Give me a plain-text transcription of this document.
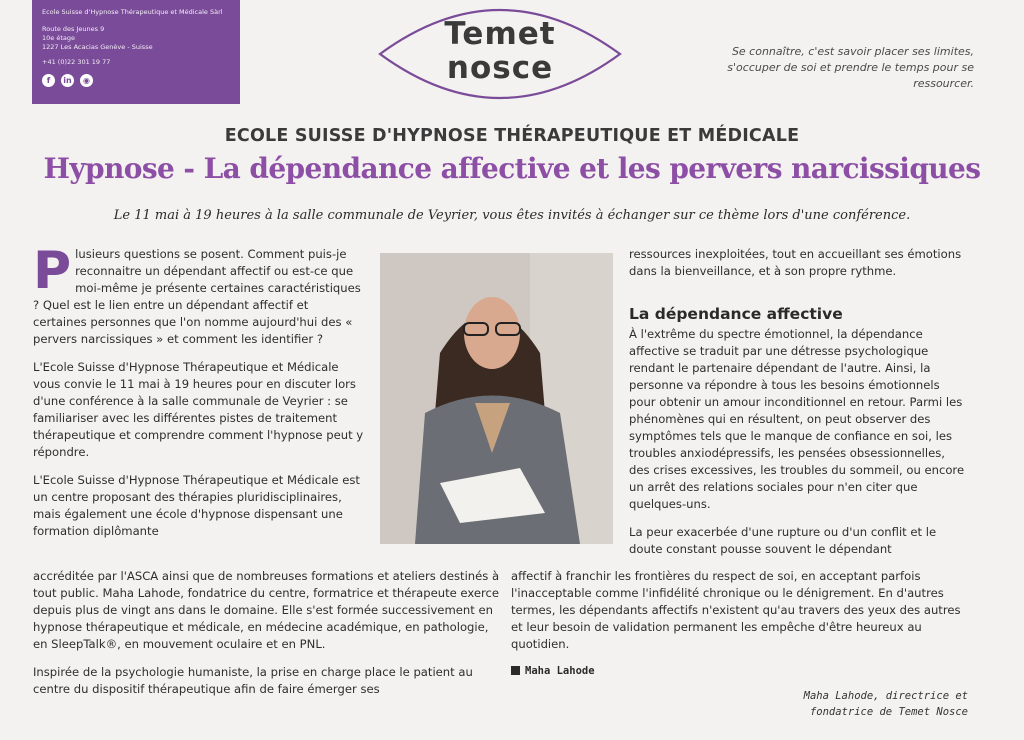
Ecole Suisse d'Hypnose Thérapeutique et Médicale Sàrl
Route des Jeunes 9
10e étage
1227 Les Acacias Genève - Suisse
+41 (0)22 301 19 77
f	in	◉
Temet
nosce	Se connaître, c'est savoir placer ses limites, s'occuper de soi et prendre le temps pour se ressourcer.
ECOLE SUISSE D'HYPNOSE THÉRAPEUTIQUE ET MÉDICALE
Hypnose - La dépendance affective et les pervers narcissiques
Le 11 mai à 19 heures à la salle communale de Veyrier, vous êtes invités à échanger sur ce thème lors d'une conférence.

Plusieurs questions se posent. Comment puis-je reconnaitre un dépendant affectif ou est-ce que moi-même je présente certaines caractéristiques ? Quel est le lien entre un dépendant affectif et certaines personnes que l'on nomme aujourd'hui des « pervers narcissiques » et comment les identifier ?

L'Ecole Suisse d'Hypnose Thérapeutique et Médicale vous convie le 11 mai à 19 heures pour en discuter lors d'une conférence à la salle communale de Veyrier : se familiariser avec les différentes pistes de traitement thérapeutique et comprendre comment l'hypnose peut y répondre.

L'Ecole Suisse d'Hypnose Thérapeutique et Médicale est un centre proposant des thérapies pluridisciplinaires, mais également une école d'hypnose dispensant une formation diplômante

accréditée par l'ASCA ainsi que de nombreuses formations et ateliers destinés à tout public. Maha Lahode, fondatrice du centre, formatrice et thérapeute exerce depuis plus de vingt ans dans le domaine. Elle s'est formée successivement en hypnose thérapeutique et médicale, en médecine académique, en pathologie, en SleepTalk®, en mouvement oculaire et en PNL.

Inspirée de la psychologie humaniste, la prise en charge place le patient au centre du dispositif thérapeutique afin de faire émerger ses

ressources inexploitées, tout en accueillant ses émotions dans la bienveillance, et à son propre rythme.

La dépendance affective

À l'extrême du spectre émotionnel, la dépendance affective se traduit par une détresse psychologique rendant le partenaire dépendant de l'autre. Ainsi, la personne va répondre à tous les besoins émotionnels pour obtenir un amour inconditionnel en retour. Parmi les phénomènes qui en résultent, on peut observer des symptômes tels que le manque de confiance en soi, les troubles anxiodépressifs, les pensées obsessionnelles, des crises excessives, les troubles du sommeil, ou encore un arrêt des relations sociales pour n'en citer que quelques-uns.

La peur exacerbée d'une rupture ou d'un conflit et le doute constant pousse souvent le dépendant

affectif à franchir les frontières du respect de soi, en acceptant parfois l'inacceptable comme l'infidélité chronique ou le dénigrement. En d'autres termes, les dépendants affectifs n'existent qu'au travers des yeux des autres et leur besoin de validation permanent les empêche d'être heureux au quotidien.

Maha Lahode
Maha Lahode, directrice et
fondatrice de Temet Nosce
